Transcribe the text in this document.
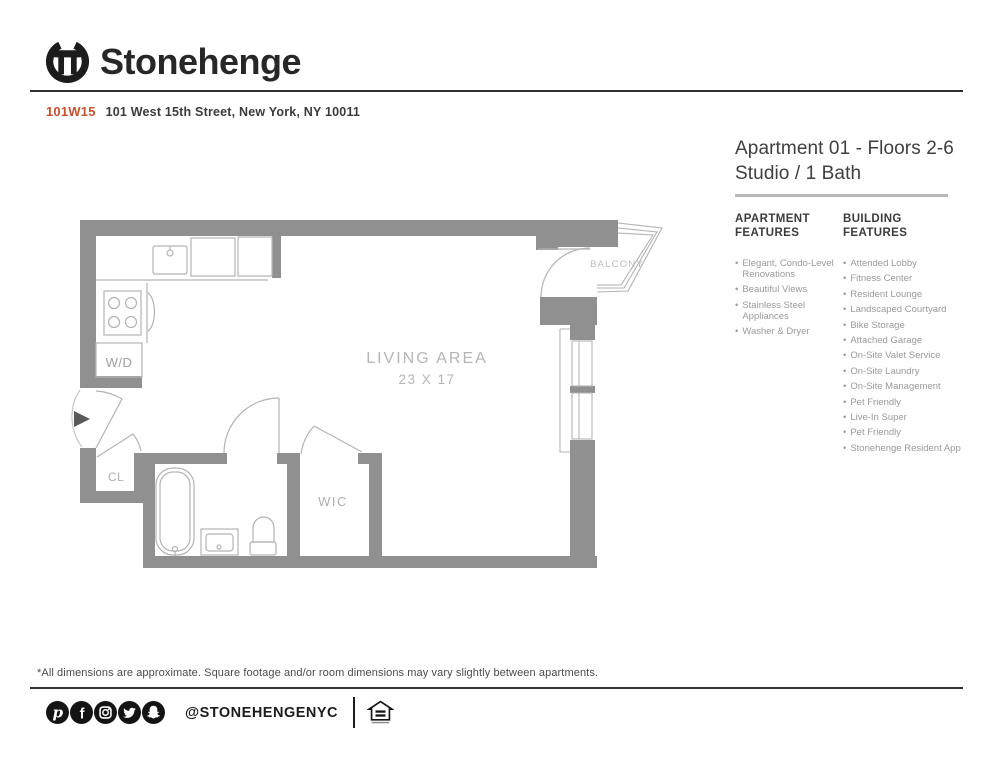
Stonehenge
101W15 101 West 15th Street, New York, NY 10011
Apartment 01 - Floors 2-6
Studio / 1 Bath
APARTMENT
FEATURES
• Elegant, Condo-Level Renovations
• Beautiful Views
• Stainless Steel Appliances
• Washer & Dryer
BUILDING
FEATURES
• Attended Lobby
• Fitness Center
• Resident Lounge
• Landscaped Courtyard
• Bike Storage
• Attached Garage
• On-Site Valet Service
• On-Site Laundry
• On-Site Management
• Pet Friendly
• Live-In Super
• Pet Friendly
• Stonehenge Resident App
LIVING AREA
23 X 17
BALCONY
W/D
CL
WIC
*All dimensions are approximate. Square footage and/or room dimensions may vary slightly between apartments.
p f	@STONEHENGENYC
